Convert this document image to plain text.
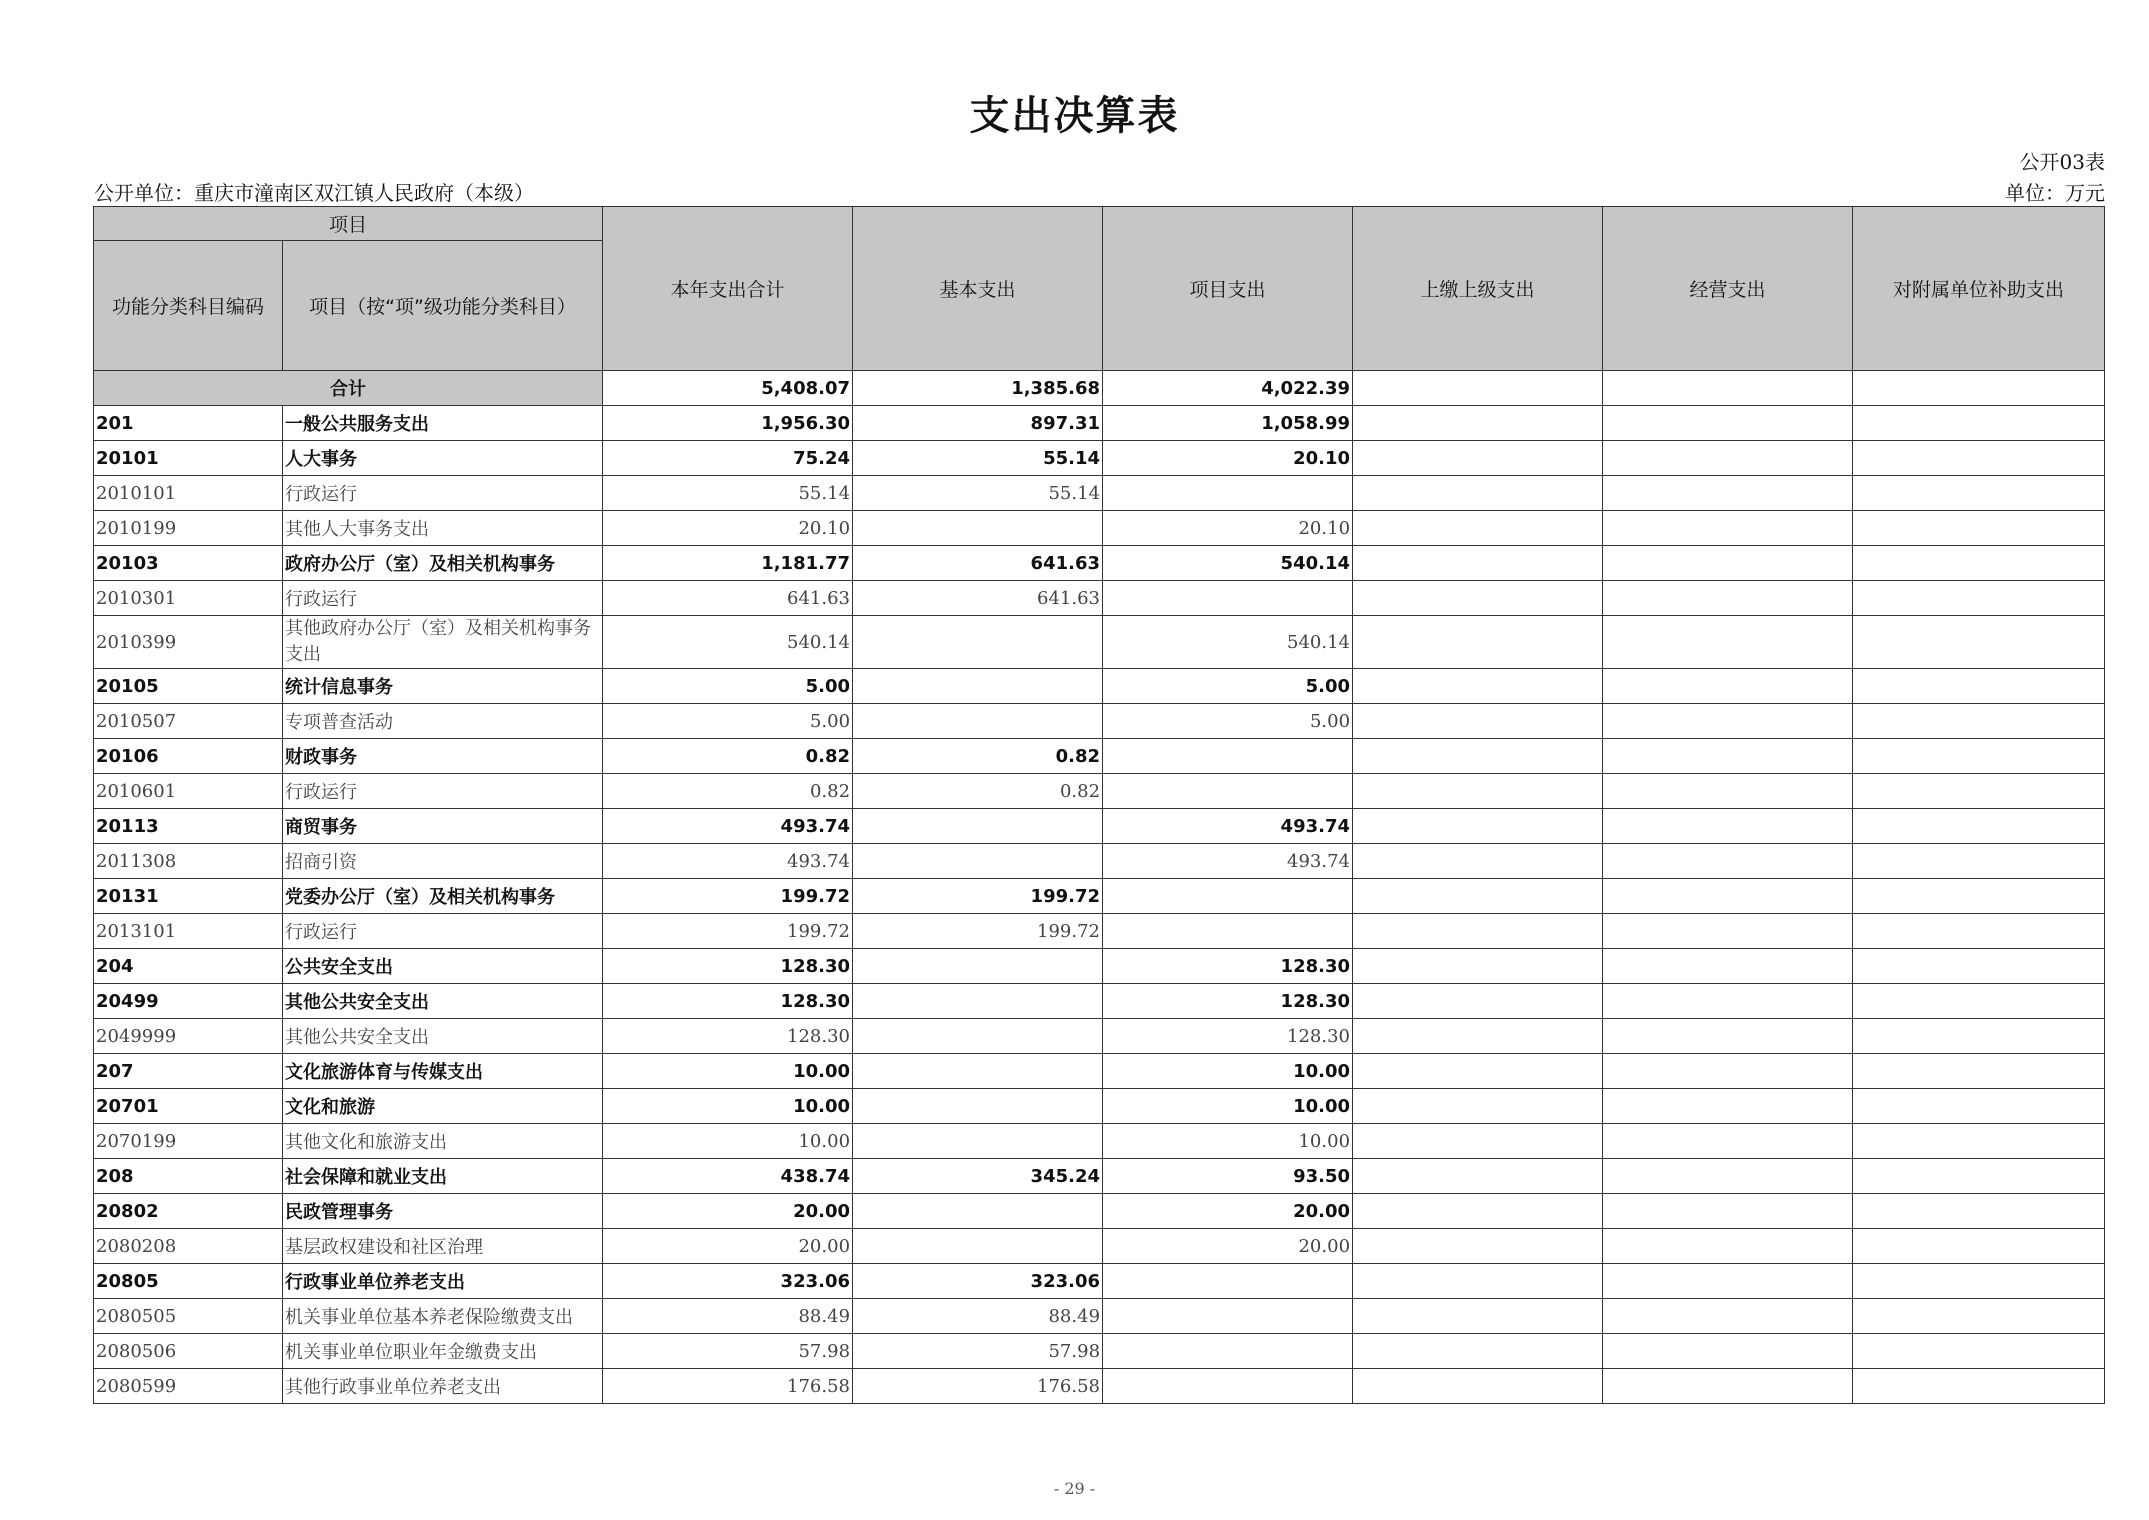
支出决算表
公开03表
公开单位：重庆市潼南区双江镇人民政府（本级）	单位：万元
项目		本年支出合计	基本支出	项目支出	上缴上级支出	经营支出	对附属单位补助支出
功能分类科目编码	项目（按“项”级功能分类科目）						
合计		5,408.07	1,385.68	4,022.39			
201	一般公共服务支出	1,956.30	897.31	1,058.99			
20101	人大事务	75.24	55.14	20.10			
2010101	行政运行	55.14	55.14				
2010199	其他人大事务支出	20.10		20.10			
20103	政府办公厅（室）及相关机构事务	1,181.77	641.63	540.14			
2010301	行政运行	641.63	641.63				
2010399	其他政府办公厅（室）及相关机构事务支出	540.14		540.14			
20105	统计信息事务	5.00		5.00			
2010507	专项普查活动	5.00		5.00			
20106	财政事务	0.82	0.82				
2010601	行政运行	0.82	0.82				
20113	商贸事务	493.74		493.74			
2011308	招商引资	493.74		493.74			
20131	党委办公厅（室）及相关机构事务	199.72	199.72				
2013101	行政运行	199.72	199.72				
204	公共安全支出	128.30		128.30			
20499	其他公共安全支出	128.30		128.30			
2049999	其他公共安全支出	128.30		128.30			
207	文化旅游体育与传媒支出	10.00		10.00			
20701	文化和旅游	10.00		10.00			
2070199	其他文化和旅游支出	10.00		10.00			
208	社会保障和就业支出	438.74	345.24	93.50			
20802	民政管理事务	20.00		20.00			
2080208	基层政权建设和社区治理	20.00		20.00			
20805	行政事业单位养老支出	323.06	323.06				
2080505	机关事业单位基本养老保险缴费支出	88.49	88.49				
2080506	机关事业单位职业年金缴费支出	57.98	57.98				
2080599	其他行政事业单位养老支出	176.58	176.58				
- 29 -
